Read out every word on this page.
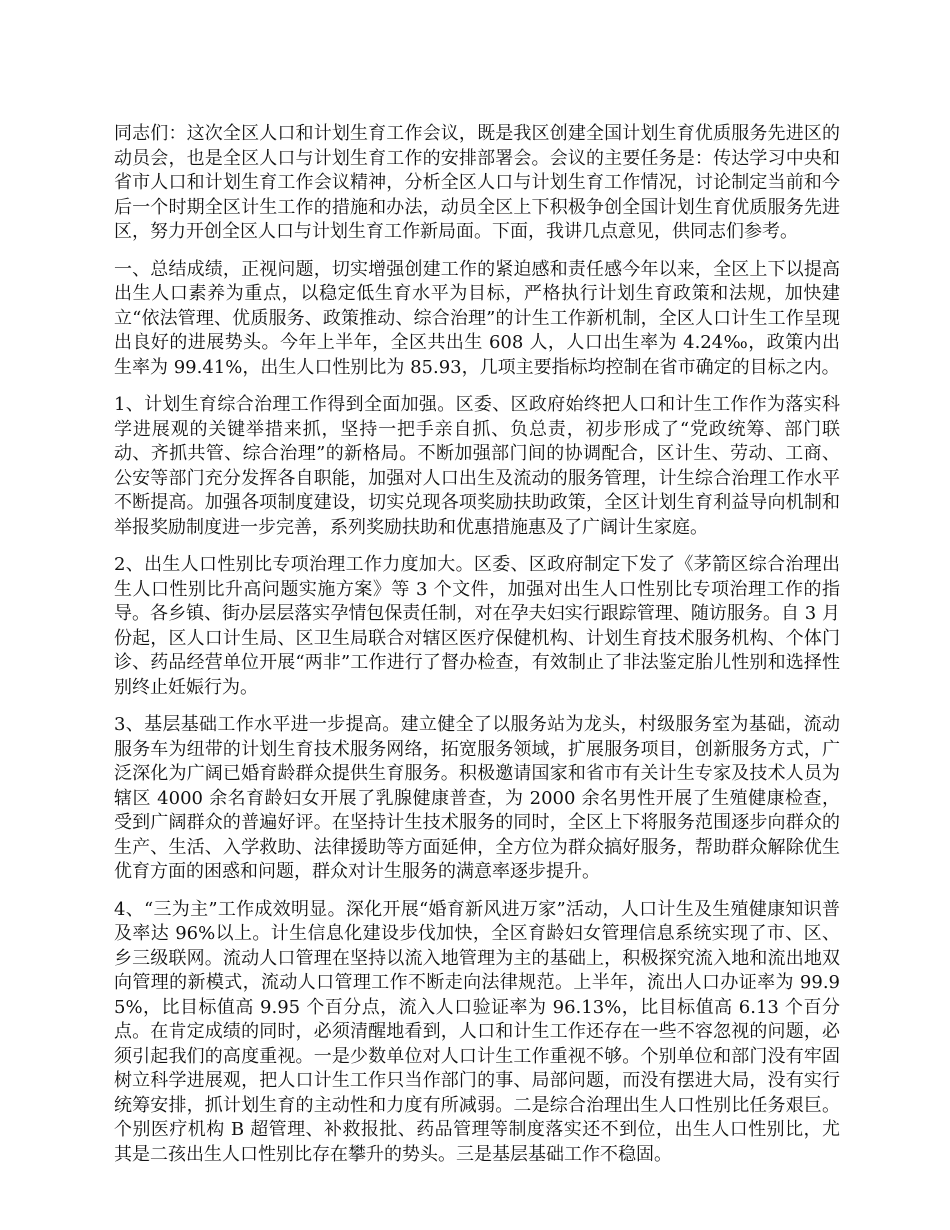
同志们：这次全区人口和计划生育工作会议，既是我区创建全国计划生育优质服务先进区的动员会，也是全区人口与计划生育工作的安排部署会。会议的主要任务是：传达学习中央和省市人口和计划生育工作会议精神，分析全区人口与计划生育工作情况，讨论制定当前和今后一个时期全区计生工作的措施和办法，动员全区上下积极争创全国计划生育优质服务先进区，努力开创全区人口与计划生育工作新局面。下面，我讲几点意见，供同志们参考。

一、总结成绩，正视问题，切实增强创建工作的紧迫感和责任感今年以来，全区上下以提高出生人口素养为重点，以稳定低生育水平为目标，严格执行计划生育政策和法规，加快建立“依法管理、优质服务、政策推动、综合治理”的计生工作新机制，全区人口计生工作呈现出良好的进展势头。今年上半年，全区共出生 608 人，人口出生率为 4.24‰，政策内出生率为 99.41%，出生人口性别比为 85.93，几项主要指标均控制在省市确定的目标之内。

1、计划生育综合治理工作得到全面加强。区委、区政府始终把人口和计生工作作为落实科学进展观的关键举措来抓，坚持一把手亲自抓、负总责，初步形成了“党政统筹、部门联动、齐抓共管、综合治理”的新格局。不断加强部门间的协调配合，区计生、劳动、工商、公安等部门充分发挥各自职能，加强对人口出生及流动的服务管理，计生综合治理工作水平不断提高。加强各项制度建设，切实兑现各项奖励扶助政策，全区计划生育利益导向机制和举报奖励制度进一步完善，系列奖励扶助和优惠措施惠及了广阔计生家庭。

2、出生人口性别比专项治理工作力度加大。区委、区政府制定下发了《茅箭区综合治理出生人口性别比升高问题实施方案》等 3 个文件，加强对出生人口性别比专项治理工作的指导。各乡镇、街办层层落实孕情包保责任制，对在孕夫妇实行跟踪管理、随访服务。自 3 月份起，区人口计生局、区卫生局联合对辖区医疗保健机构、计划生育技术服务机构、个体门诊、药品经营单位开展“两非”工作进行了督办检查，有效制止了非法鉴定胎儿性别和选择性别终止妊娠行为。

3、基层基础工作水平进一步提高。建立健全了以服务站为龙头，村级服务室为基础，流动服务车为纽带的计划生育技术服务网络，拓宽服务领域，扩展服务项目，创新服务方式，广泛深化为广阔已婚育龄群众提供生育服务。积极邀请国家和省市有关计生专家及技术人员为辖区 4000 余名育龄妇女开展了乳腺健康普查，为 2000 余名男性开展了生殖健康检查，受到广阔群众的普遍好评。在坚持计生技术服务的同时，全区上下将服务范围逐步向群众的生产、生活、入学救助、法律援助等方面延伸，全方位为群众搞好服务，帮助群众解除优生优育方面的困惑和问题，群众对计生服务的满意率逐步提升。

4、“三为主”工作成效明显。深化开展“婚育新风进万家”活动，人口计生及生殖健康知识普及率达 96%以上。计生信息化建设步伐加快，全区育龄妇女管理信息系统实现了市、区、乡三级联网。流动人口管理在坚持以流入地管理为主的基础上，积极探究流入地和流出地双向管理的新模式，流动人口管理工作不断走向法律规范。上半年，流出人口办证率为 99.95%，比目标值高 9.95 个百分点，流入人口验证率为 96.13%，比目标值高 6.13 个百分点。在肯定成绩的同时，必须清醒地看到，人口和计生工作还存在一些不容忽视的问题，必须引起我们的高度重视。一是少数单位对人口计生工作重视不够。个别单位和部门没有牢固树立科学进展观，把人口计生工作只当作部门的事、局部问题，而没有摆进大局，没有实行统筹安排，抓计划生育的主动性和力度有所减弱。二是综合治理出生人口性别比任务艰巨。个别医疗机构 B 超管理、补救报批、药品管理等制度落实还不到位，出生人口性别比，尤其是二孩出生人口性别比存在攀升的势头。三是基层基础工作不稳固。
